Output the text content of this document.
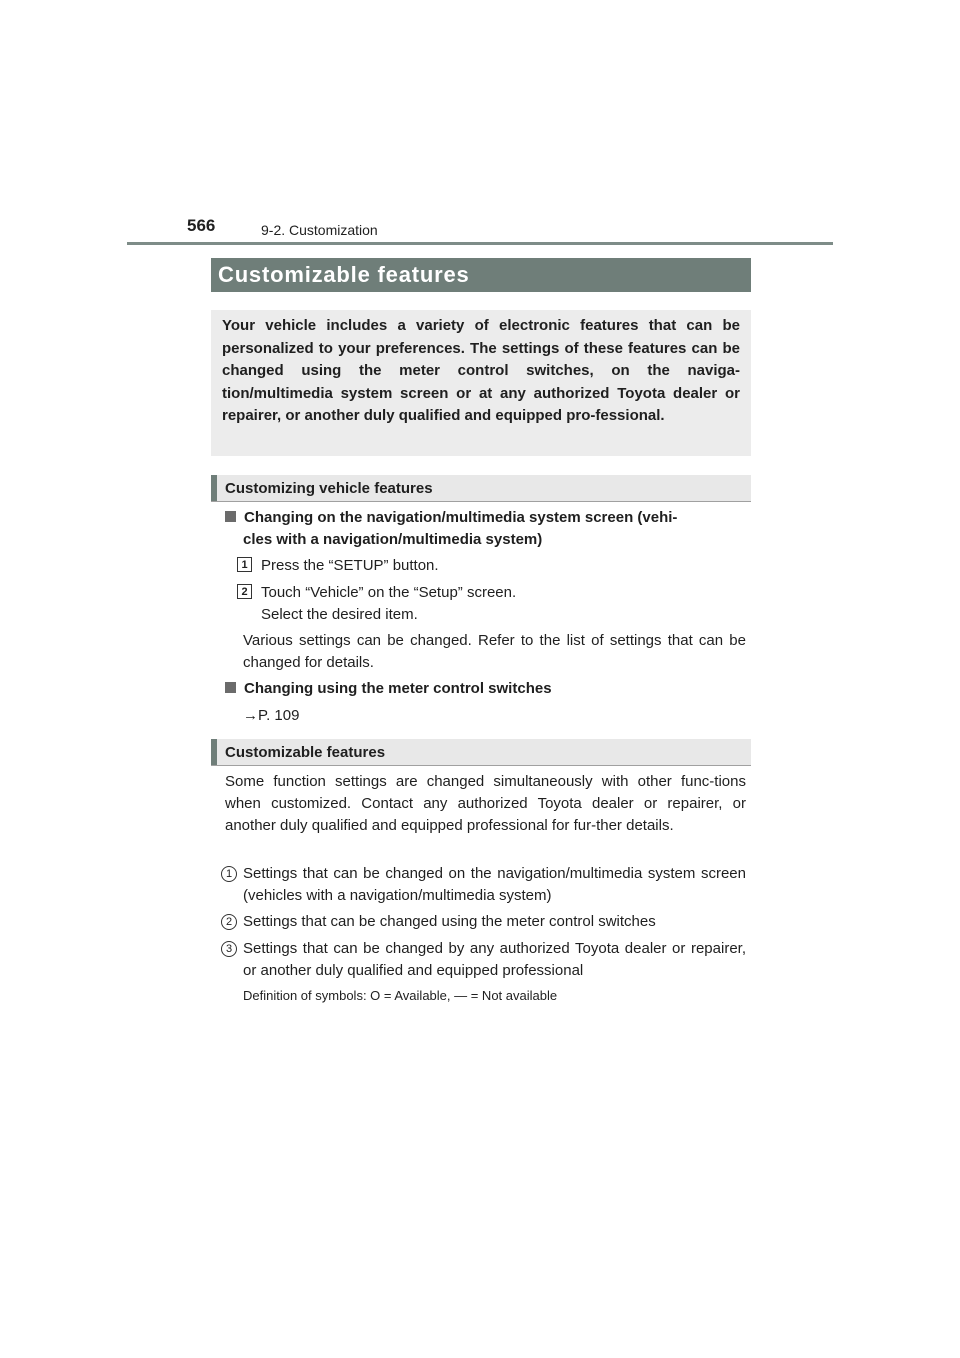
566	9-2. Customization
Customizable features

Your vehicle includes a variety of electronic features that can be personalized to your preferences. The settings of these features can be changed using the meter control switches, on the naviga-tion/multimedia system screen or at any authorized Toyota dealer or repairer, or another duly qualified and equipped pro-fessional.

Customizing vehicle features
Changing on the navigation/multimedia system screen (vehi-
cles with a navigation/multimedia system)
1 Press the “SETUP” button.
2 Touch “Vehicle” on the “Setup” screen.
Select the desired item.
Various settings can be changed. Refer to the list of settings that can be changed for details.
Changing using the meter control switches
→P. 109
Customizable features
Some function settings are changed simultaneously with other func-tions when customized. Contact any authorized Toyota dealer or repairer, or another duly qualified and equipped professional for fur-ther details.
1 Settings that can be changed on the navigation/multimedia system screen (vehicles with a navigation/multimedia system)
2 Settings that can be changed using the meter control switches
3 Settings that can be changed by any authorized Toyota dealer or repairer, or another duly qualified and equipped professional
Definition of symbols: O = Available, — = Not available
